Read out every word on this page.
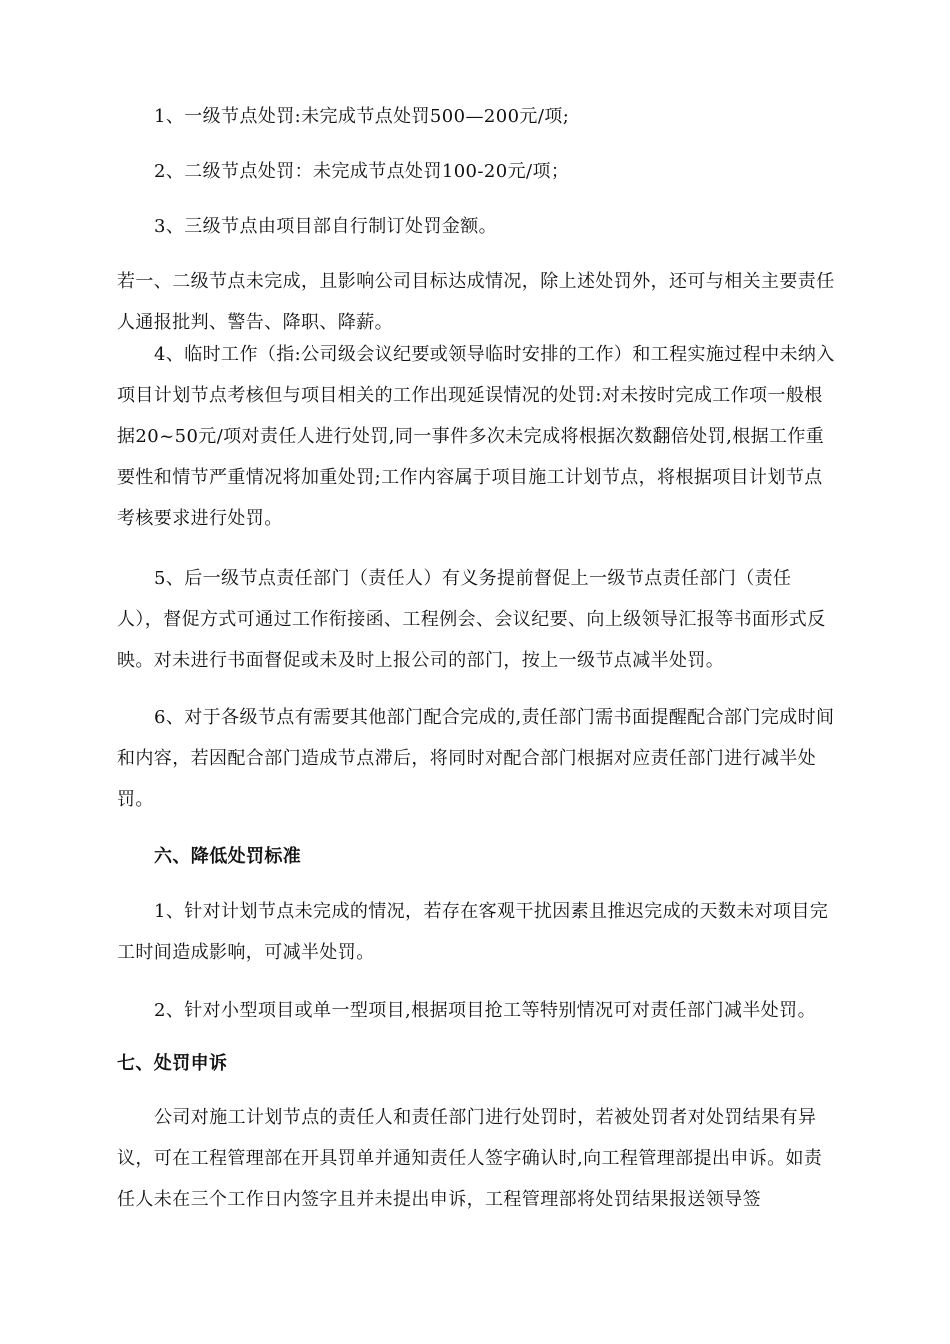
1、一级节点处罚:未完成节点处罚500—200元/项;
2、二级节点处罚：未完成节点处罚100-20元/项；
3、三级节点由项目部自行制订处罚金额。
若一、二级节点未完成，且影响公司目标达成情况，除上述处罚外，还可与相关主要责任人通报批判、警告、降职、降薪。
4、临时工作（指:公司级会议纪要或领导临时安排的工作）和工程实施过程中未纳入项目计划节点考核但与项目相关的工作出现延误情况的处罚:对未按时完成工作项一般根据20~50元/项对责任人进行处罚,同一事件多次未完成将根据次数翻倍处罚,根据工作重要性和情节严重情况将加重处罚;工作内容属于项目施工计划节点，将根据项目计划节点考核要求进行处罚。
5、后一级节点责任部门（责任人）有义务提前督促上一级节点责任部门（责任人），督促方式可通过工作衔接函、工程例会、会议纪要、向上级领导汇报等书面形式反映。对未进行书面督促或未及时上报公司的部门，按上一级节点减半处罚。
6、对于各级节点有需要其他部门配合完成的,责任部门需书面提醒配合部门完成时间和内容，若因配合部门造成节点滞后，将同时对配合部门根据对应责任部门进行减半处罚。
六、降低处罚标准
1、针对计划节点未完成的情况，若存在客观干扰因素且推迟完成的天数未对项目完工时间造成影响，可减半处罚。
2、针对小型项目或单一型项目,根据项目抢工等特别情况可对责任部门减半处罚。
七、处罚申诉
公司对施工计划节点的责任人和责任部门进行处罚时，若被处罚者对处罚结果有异议，可在工程管理部在开具罚单并通知责任人签字确认时,向工程管理部提出申诉。如责任人未在三个工作日内签字且并未提出申诉，工程管理部将处罚结果报送领导签
